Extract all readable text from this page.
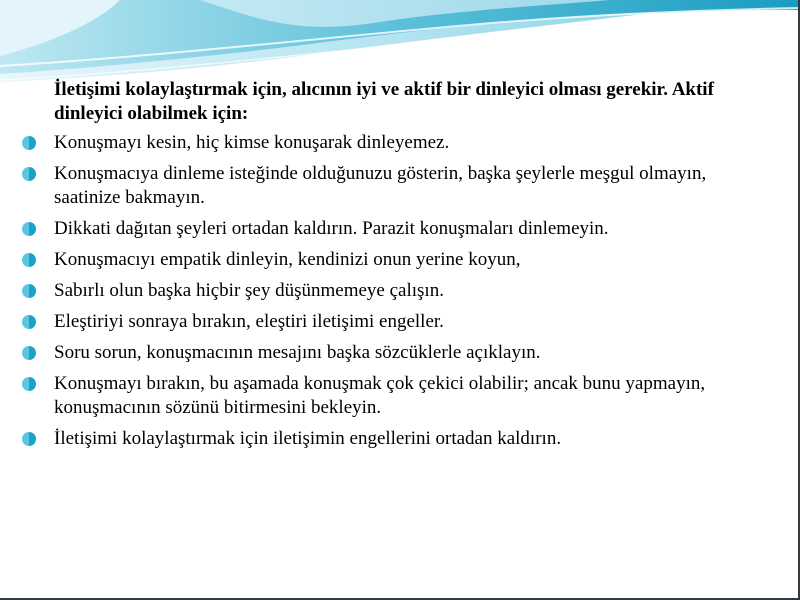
İletişimi kolaylaştırmak için, alıcının iyi ve aktif bir dinleyici olması gerekir. Aktif dinleyici olabilmek için:

Konuşmayı kesin, hiç kimse konuşarak dinleyemez.
Konuşmacıya dinleme isteğinde olduğunuzu gösterin, başka şeylerle meşgul olmayın, saatinize bakmayın.
Dikkati dağıtan şeyleri ortadan kaldırın. Parazit konuşmaları dinlemeyin.
Konuşmacıyı empatik dinleyin, kendinizi onun yerine koyun,
Sabırlı olun başka hiçbir şey düşünmemeye çalışın.
Eleştiriyi sonraya bırakın, eleştiri iletişimi engeller.
Soru sorun, konuşmacının mesajını başka sözcüklerle açıklayın.
Konuşmayı bırakın, bu aşamada konuşmak çok çekici olabilir; ancak bunu yapmayın, konuşmacının sözünü bitirmesini bekleyin.
İletişimi kolaylaştırmak için iletişimin engellerini ortadan kaldırın.
